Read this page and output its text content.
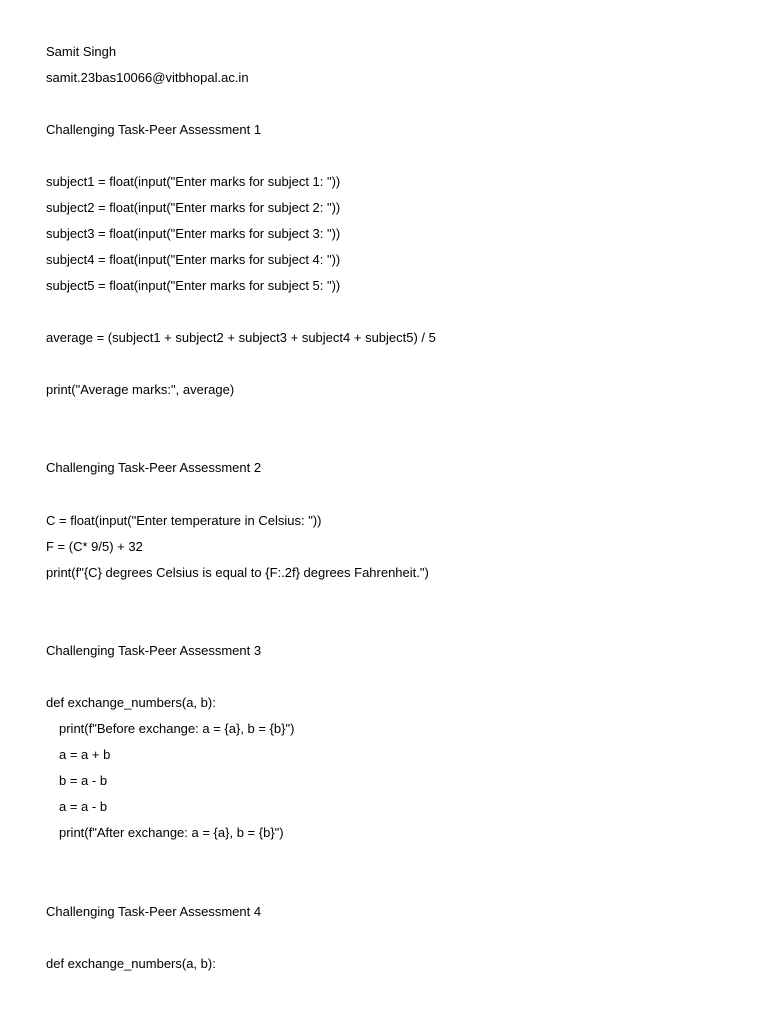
Samit Singh
samit.23bas10066@vitbhopal.ac.in
Challenging Task-Peer Assessment 1
subject1 = float(input("Enter marks for subject 1: "))
subject2 = float(input("Enter marks for subject 2: "))
subject3 = float(input("Enter marks for subject 3: "))
subject4 = float(input("Enter marks for subject 4: "))
subject5 = float(input("Enter marks for subject 5: "))
average = (subject1 + subject2 + subject3 + subject4 + subject5) / 5
print("Average marks:", average)
Challenging Task-Peer Assessment 2
C = float(input("Enter temperature in Celsius: "))
F = (C* 9/5) + 32
print(f"{C} degrees Celsius is equal to {F:.2f} degrees Fahrenheit.")
Challenging Task-Peer Assessment 3
def exchange_numbers(a, b):
print(f"Before exchange: a = {a}, b = {b}")
a = a + b
b = a - b
a = a - b
print(f"After exchange: a = {a}, b = {b}")
Challenging Task-Peer Assessment 4
def exchange_numbers(a, b):
